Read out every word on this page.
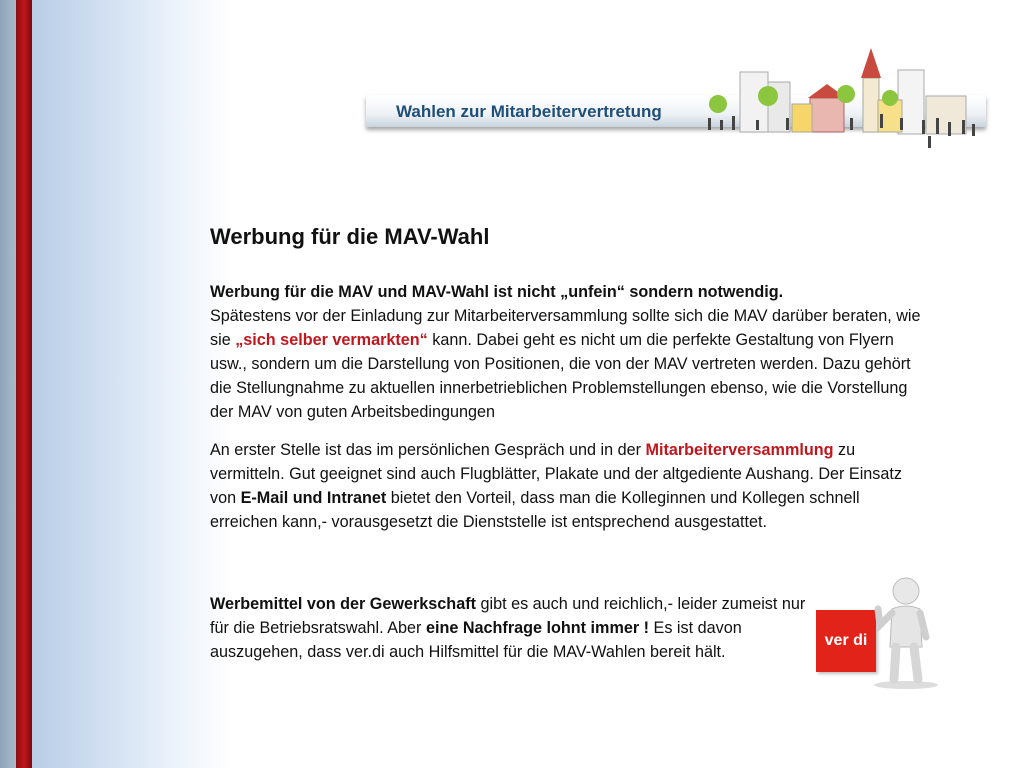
Wahlen zur Mitarbeitervertretung
Werbung für die MAV-Wahl

Werbung für die MAV und MAV-Wahl ist nicht „unfein“ sondern notwendig.
Spätestens vor der Einladung zur Mitarbeiterversammlung sollte sich die MAV darüber beraten, wie sie „sich selber vermarkten“ kann. Dabei geht es nicht um die perfekte Gestaltung von Flyern usw., sondern um die Darstellung von Positionen, die von der MAV vertreten werden. Dazu gehört die Stellungnahme zu aktuellen innerbetrieblichen Problemstellungen ebenso, wie die Vorstellung der MAV von guten Arbeitsbedingungen

An erster Stelle ist das im persönlichen Gespräch und in der Mitarbeiterversammlung zu vermitteln. Gut geeignet sind auch Flugblätter, Plakate und der altgediente Aushang. Der Einsatz von E-Mail und Intranet bietet den Vorteil, dass man die Kolleginnen und Kollegen schnell erreichen kann,- vorausgesetzt die Dienststelle ist entsprechend ausgestattet.

Werbemittel von der Gewerkschaft gibt es auch und reichlich,- leider zumeist nur für die Betriebsratswahl. Aber eine Nachfrage lohnt immer ! Es ist davon auszugehen, dass ver.di auch Hilfsmittel für die MAV-Wahlen bereit hält.

ver di
